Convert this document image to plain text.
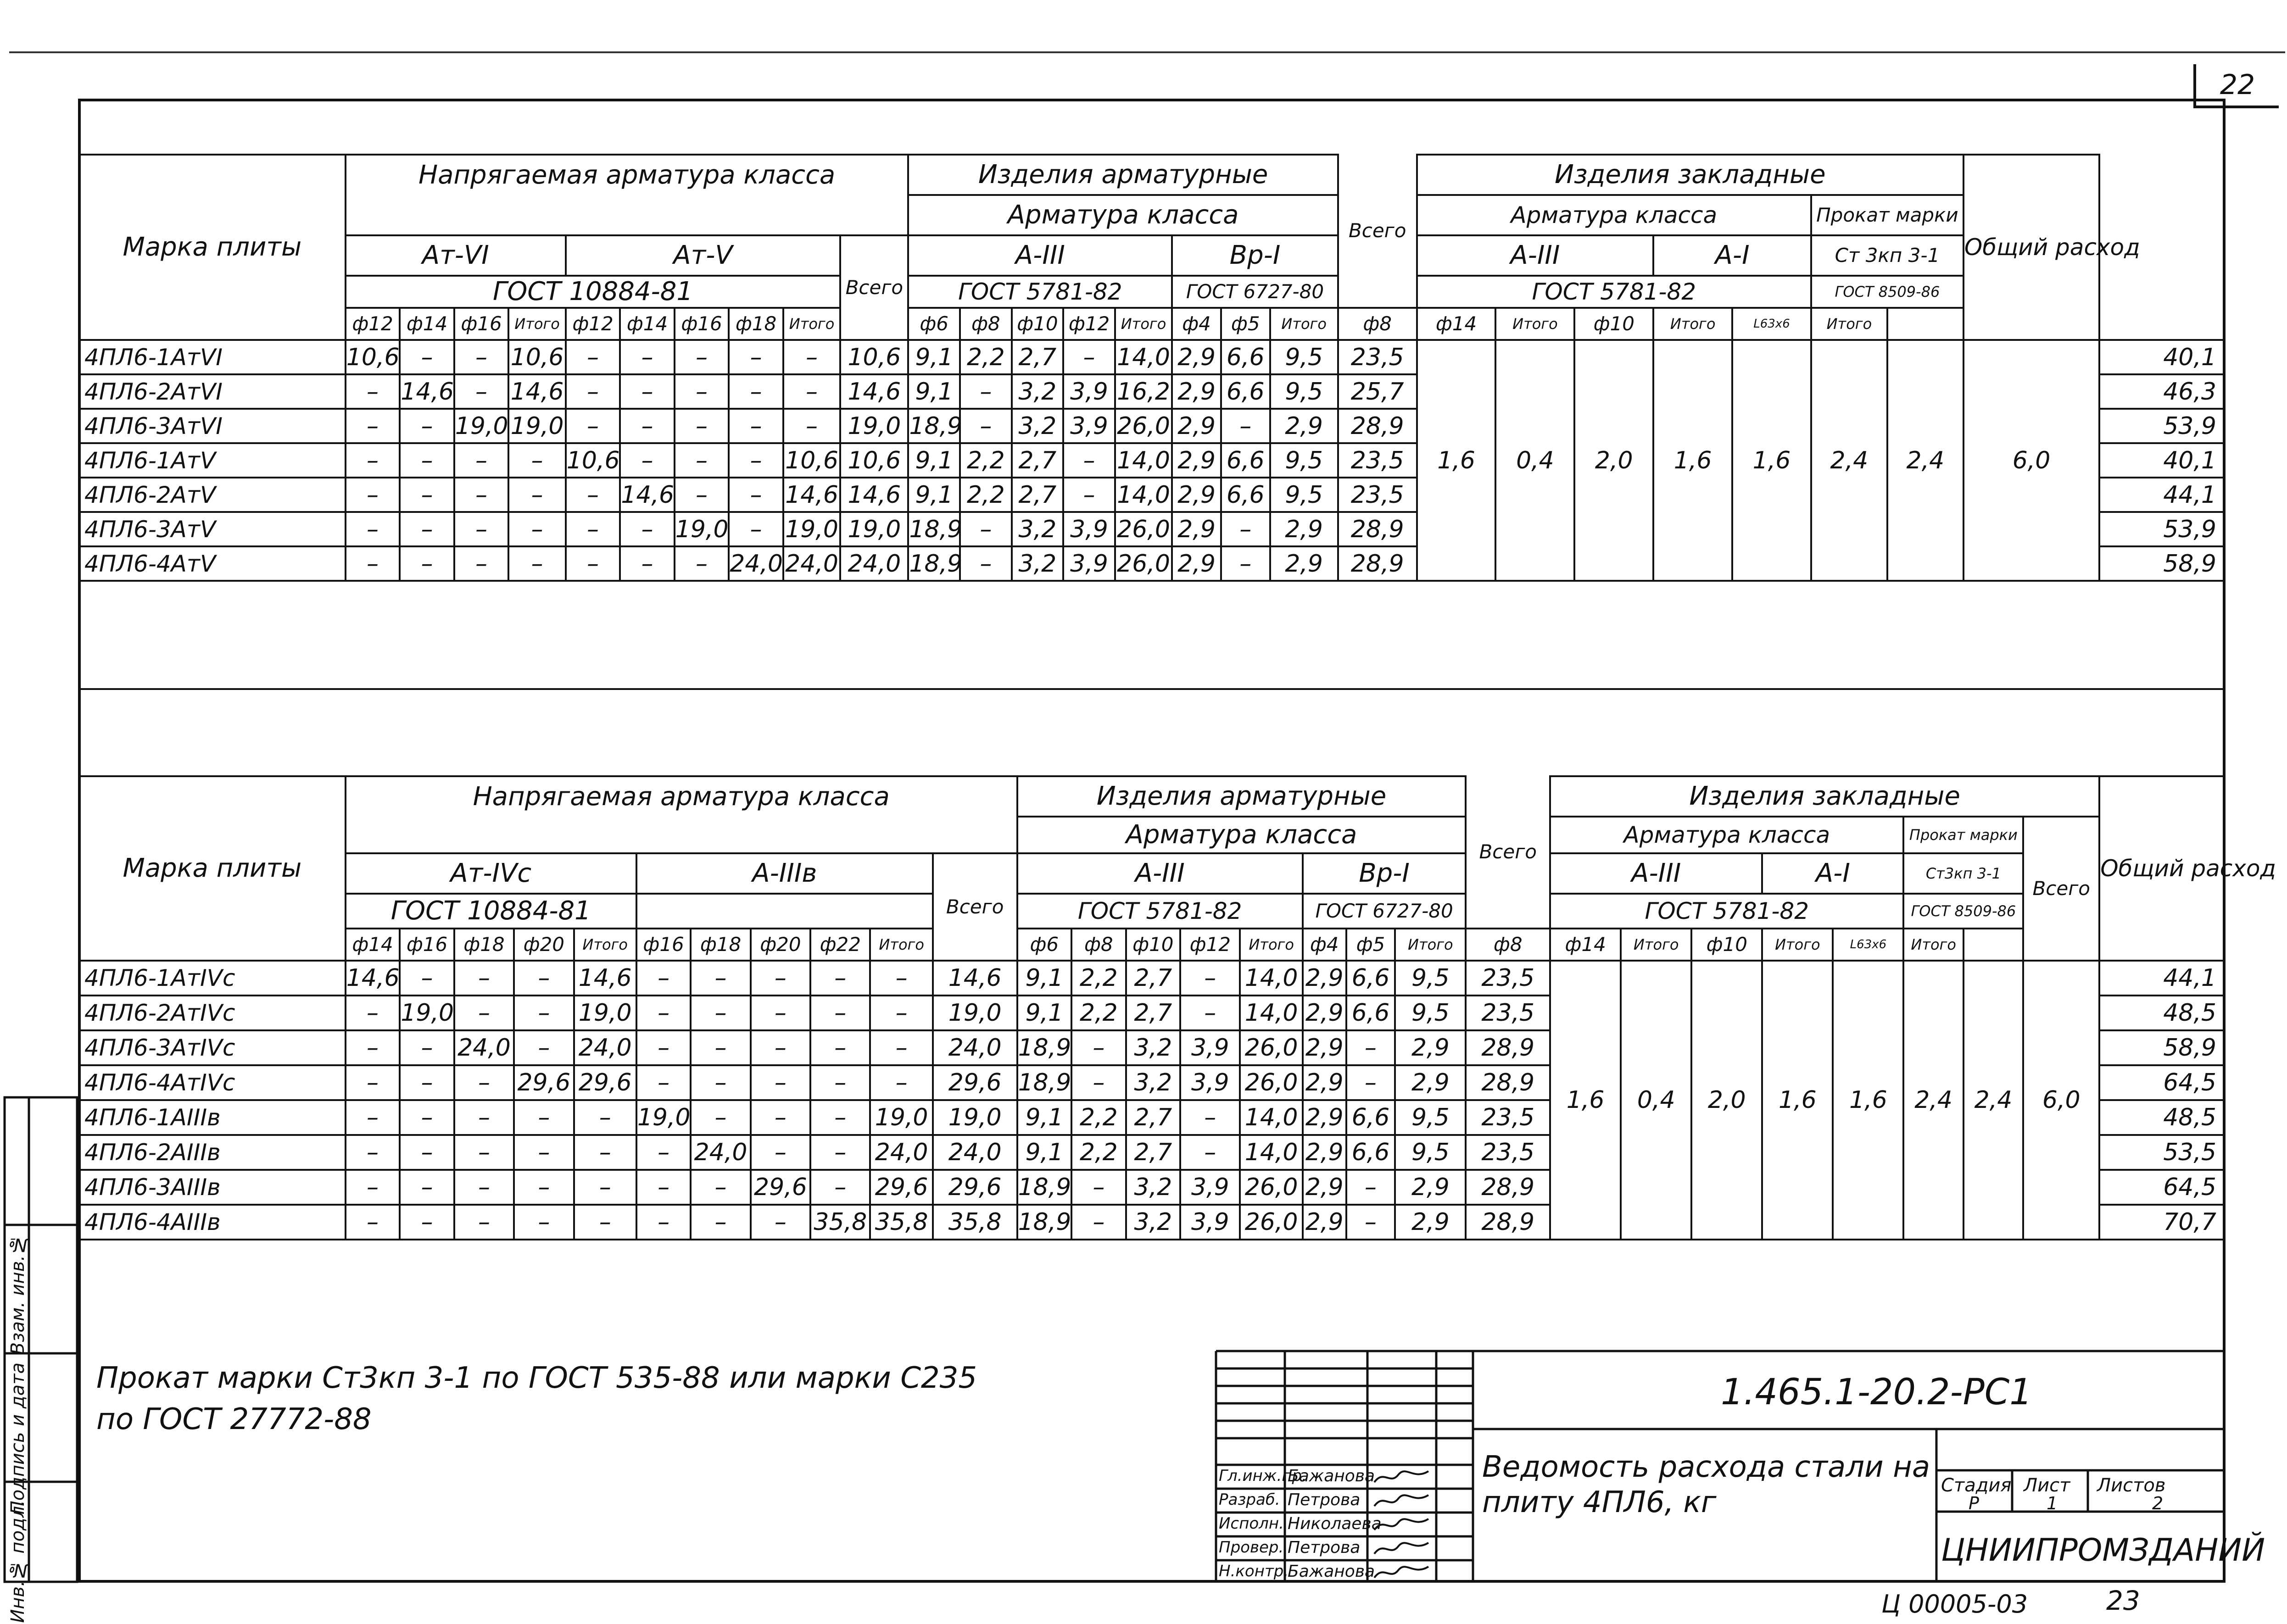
22
Марка плиты	Напрягаемая арматура класса										Изделия арматурные								Всего	Изделия закладные							Общий расход	
											Арматура класса									Арматура класса					Прокат марки			
	Ат-VI				Ат-V					Всего	А-III					Вр-I				А-III			А-I		Ст 3кп 3-1			
	ГОСТ 10884-81										ГОСТ 5781-82					ГОСТ 6727-80				ГОСТ 5781-82					ГОСТ 8509-86			
	ф12	ф14	ф16	Итого	ф12	ф14	ф16	ф18	Итого		ф6	ф8	ф10	ф12	Итого	ф4	ф5	Итого	ф8	ф14	Итого	ф10	Итого	L63х6	Итого			
4ПЛ6-1АтVI	10,6	–	–	10,6	–	–	–	–	–	10,6	9,1	2,2	2,7	–	14,0	2,9	6,6	9,5	23,5	1,6	0,4	2,0	1,6	1,6	2,4	2,4	6,0	40,1
4ПЛ6-2АтVI	–	14,6	–	14,6	–	–	–	–	–	14,6	9,1	–	3,2	3,9	16,2	2,9	6,6	9,5	25,7									46,3
4ПЛ6-3АтVI	–	–	19,0	19,0	–	–	–	–	–	19,0	18,9	–	3,2	3,9	26,0	2,9	–	2,9	28,9									53,9
4ПЛ6-1АтV	–	–	–	–	10,6	–	–	–	10,6	10,6	9,1	2,2	2,7	–	14,0	2,9	6,6	9,5	23,5									40,1
4ПЛ6-2АтV	–	–	–	–	–	14,6	–	–	14,6	14,6	9,1	2,2	2,7	–	14,0	2,9	6,6	9,5	23,5									44,1
4ПЛ6-3АтV	–	–	–	–	–	–	19,0	–	19,0	19,0	18,9	–	3,2	3,9	26,0	2,9	–	2,9	28,9									53,9
4ПЛ6-4АтV	–	–	–	–	–	–	–	24,0	24,0	24,0	18,9	–	3,2	3,9	26,0	2,9	–	2,9	28,9									58,9
Марка плиты	Напрягаемая арматура класса											Изделия арматурные								Всего	Изделия закладные								Общий расход
												Арматура класса									Арматура класса					Прокат марки		Всего	
	Ат-IVс					А-IIIв					Всего	А-III					Вр-I				А-III			А-I		Ст3кп 3-1			
	ГОСТ 10884-81											ГОСТ 5781-82					ГОСТ 6727-80				ГОСТ 5781-82					ГОСТ 8509-86			
	ф14	ф16	ф18	ф20	Итого	ф16	ф18	ф20	ф22	Итого		ф6	ф8	ф10	ф12	Итого	ф4	ф5	Итого	ф8	ф14	Итого	ф10	Итого	L63х6	Итого			
4ПЛ6-1АтIVс	14,6	–	–	–	14,6	–	–	–	–	–	14,6	9,1	2,2	2,7	–	14,0	2,9	6,6	9,5	23,5	1,6	0,4	2,0	1,6	1,6	2,4	2,4	6,0	44,1
4ПЛ6-2АтIVс	–	19,0	–	–	19,0	–	–	–	–	–	19,0	9,1	2,2	2,7	–	14,0	2,9	6,6	9,5	23,5									48,5
4ПЛ6-3АтIVс	–	–	24,0	–	24,0	–	–	–	–	–	24,0	18,9	–	3,2	3,9	26,0	2,9	–	2,9	28,9									58,9
4ПЛ6-4АтIVс	–	–	–	29,6	29,6	–	–	–	–	–	29,6	18,9	–	3,2	3,9	26,0	2,9	–	2,9	28,9									64,5
4ПЛ6-1АIIIв	–	–	–	–	–	19,0	–	–	–	19,0	19,0	9,1	2,2	2,7	–	14,0	2,9	6,6	9,5	23,5									48,5
4ПЛ6-2АIIIв	–	–	–	–	–	–	24,0	–	–	24,0	24,0	9,1	2,2	2,7	–	14,0	2,9	6,6	9,5	23,5									53,5
4ПЛ6-3АIIIв	–	–	–	–	–	–	–	29,6	–	29,6	29,6	18,9	–	3,2	3,9	26,0	2,9	–	2,9	28,9									64,5
4ПЛ6-4АIIIв	–	–	–	–	–	–	–	–	35,8	35,8	35,8	18,9	–	3,2	3,9	26,0	2,9	–	2,9	28,9									70,7
Прокат марки Ст3кп 3-1 по ГОСТ 535-88 или марки С235
по ГОСТ 27772-88
1.465.1-20.2-РС1
Ведомость расхода стали на плиту 4ПЛ6, кг	Стадия Лист Листов
Р	1	2
ЦНИИПРОМЗДАНИЙ
Гл.инж.пр.
Бажанова
Разраб. Петрова
Испoлн. Николаева
Провер. Петрова
Н.контр.
Бажанова
Инв.№ подл.
Подпись и дата
Взам. инв.№
Ц 00005-03	23
